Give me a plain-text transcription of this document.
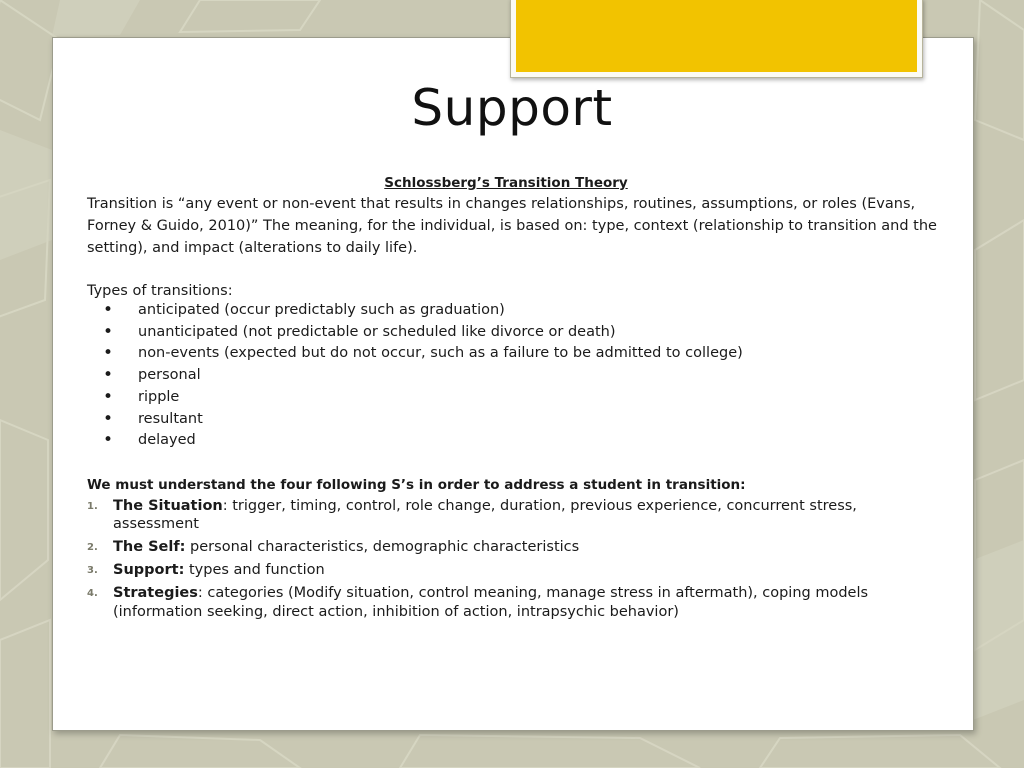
Support
Schlossberg’s Transition Theory

Transition is “any event or non-event that results in changes relationships, routines, assumptions, or roles (Evans, Forney & Guido, 2010)” The meaning, for the individual, is based on: type, context (relationship to transition and the setting), and impact (alterations to daily life).

Types of transitions:
• anticipated (occur predictably such as graduation)
• unanticipated (not predictable or scheduled like divorce or death)
• non-events (expected but do not occur, such as a failure to be admitted to college)
• personal
• ripple
• resultant
• delayed
We must understand the four following S’s in order to address a student in transition:
1. The Situation: trigger, timing, control, role change, duration, previous experience, concurrent stress, assessment
2. The Self: personal characteristics, demographic characteristics
3. Support: types and function
4. Strategies: categories (Modify situation, control meaning, manage stress in aftermath), coping models (information seeking, direct action, inhibition of action, intrapsychic behavior)
